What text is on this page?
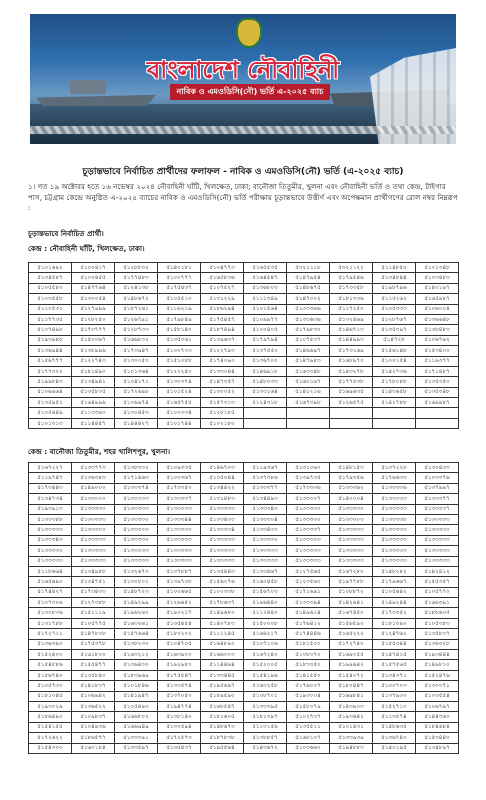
বাংলাদেশ নৌবাহিনী
নাবিক ও এমওডিসি(নৌ) ভর্তি এ-২০২৫ ব্যাচ
চূড়ান্তভাবে নির্বাচিত প্রার্থীদের ফলাফল - নাবিক ও এমওডিসি(নৌ) ভর্তি (এ-২০২৫ ব্যাচ)
১। গত ১৯ অক্টোবর হতে ১৬ নভেম্বর ২০২৪ নৌবাহিনী ঘাঁটি, খিলক্ষেত, ঢাকা; বানৌজা তিতুমীর, খুলনা এবং নৌবাহিনী ভর্তি ও তথ্য কেন্দ্র, টাইগার পাস, চট্টগ্রাম কেন্দ্রে অনুষ্ঠিত এ-২০২৫ ব্যাচের নাবিক ও এমওডিসি(নৌ) ভর্তি পরীক্ষায় চূড়ান্তভাবে উত্তীর্ণ এবং অপেক্ষমান প্রার্থীগণের রোল নম্বর নিম্নরূপ :
চূড়ান্তভাবে নির্বাচিত প্রার্থী।
কেন্দ্র : নৌবাহিনী ঘাঁটি, খিলক্ষেত, ঢাকা।
৫১০১৬৯২	৫১০০৪১৭	৫১২৮৮৩২	৫১৪০১৮১	৫১০৪৭৭৩	৫১৬৫৫৩৫	৫৩২১১১৮	৫৩২১১২২	৫১১৪৮৫০	৫১০১৩৪৮
৫১৩৪৫৮৭	৫১০০৪৫৫	৫১৭৭৪৮৩	৫১০০৭৭৭	৫১৬৫৮৩৬	৫১৬৪৫৪৭	৫১৪৭৯৫৪	৫১৭৯৫৪৬	৫১৩৪৮৪৪	৫১০৩৪৮৩
৫১০৫৫৮০	৫১৪৭৭৬৪	৫১২৪১৩৮	৫১৭৫৪৩৭	৫১০৭৫২৭	৫১৩৬৮০৩	৫১৪৮৬৭৫	৫১৭৩৩৫৮	৫১৯৮৭৯৬	৫১৪০১৯৭
৫১০৩৫৫৮	৫১৩০০৫৪	৫১৪৮৬৭২	৫১০৫৫১০	৫১৩১২২৯	৫১১১৩৪৯	৫১৪৭০০২	৫১৮১৩৩৬	৫১১৫২৬২	৫১৬৫৯৮৭
৫১১০৫৩১	৫১২৭৯৯৯	৫১৮৭২৬১	৫১১৬২১৯	৫১৮৬২৯৪	৫১০১৫৬৪	৫১৩৩৩৬৬	৫১১৭২৫০	৫১০৫৩৩৩	৫১০৬০০৪
৫১১৭৭৩৫	৫১২৮২৫০	৫১২৬৭৯১	৫১৭৯৮৪৯	৫১৭৫৪৫৭	৫১০৯৯৭৭	৫১৩৩৬৩৬	৫১৩২৪৬৯	৫১২৮৭৬৭	৫১৩৬৬৪৮
৫১০৭৪৯৮	৫১৭৩৭৭৭	৫১২৮৭৩৩	৫১৫৮১৪০	৫১৮৭৪৯৪	৫১০০৪০৫	৫১৭৯৮৩০	৫১৪৬৭১৩	৫১৩৫৩৯৭	৫১৩৮৪৮৩
৫১৯৩৯৮৮	৫১৫০০৬৭	৫১৬৬৮৩২	৫১৩৫০৬১	৫১৩৯৬৩৭	৫১৭৯৭৯৪	৫১০৭৫৩৭	৫১৪৪৯৯৩	৫১৪৭২৮	৫১০৬৭৬২
৫১৩৬৯৪৪	৫১৩৮৯৯৬	৫১৭৩৯৪৭	৫১০০৭০৩	৫১২২৭৯৩	৫১৩৭৫৫০	৫১৪৬৬৯৭	৫১৭৩১৬৯	৫১৫৬১৪৮	৫১৫৩৪০০
৫১৫৬৭৭৭	৫১২২৭৪৩	৫১৩০০৫০	৫১৫১০৮৮	৫১৭৪০৯০	৫১৩৬৭০০	৫১৪৭৯৮৩	৫১৬৮৯৭০	৫১০০১৫৪	৫১১৯৩৭৭
৫১৭৭৩২০	৫১৮১৪৯০	৫১০১৩৬৪	৫১২২২৫০	৫১৩৩০৪৪	৫১৪৬৯১৮	৫১৬৩৩৪৮	৫১৪৩২৭৮	৫১৪২৭৩৬	৫১৭১৪৮৭
৫১৯৯৮৪৩	৫১৩৪৯৪১	৫১০৪১৭১	৫১৩০৩৭৪	৫১৪৭৩৫৭	৫১৪৮০৩৩	৫১৬০১৬৭	৫১৭৭৫৩৮	৫১৭৮০৮৮	৫১৩৫৩৫০
৫১০৬৯৬৪	৫১৩৫৮৩৫	৫১৭২৬৯৮	৫১০১৫২৪	৫১৩০০৫২	৫১৩৩১৬৪	৫১৪১২১৬	৫১৬৯৬৩৫	৫১৪৩৬৫৮	৫১৩৫৩৪৮
৫১৩৫৯৫১	৫১৬৪৯৯৬	৫১০৬৯৭৪	৫১৬৫৭৫৫	৫১৫৭৩১৩	৫১২৪৩১৮	৫১৬৭৩৯৮	৫১২৬৫৭৫	৫১৪১৭৮৮	৫১৬৯৯৮৭
৫১০৫৬৪৯	৫১১৩৩৬০	৫১৩০৪৫৩	৫১০০০৩৪	৫১২৮১৮৫					
৫১০১৩১৩	৫১১৪৪৫৭	৫১৪৪৪২৭	৫১০১৭৪৪	৫১০২১৮০					
কেন্দ্র : বানৌজা তিতুমীর, শহর খালিশপুর, খুলনা।
৫১৬৭২২৭	৫১৩৩৭৭৩	৫১৩৮৩৩২	৫১০৯৩৩৫	৫১৪৬৭০৩	৫১১৯৩৬৭	৫১৩১০৬০	৫১৪৮১৫৩	৫১৩৭২২৮	৫১৩০৪৩৩
৫১১৯৭৪৭	৫১৩৬৩৮৩	৫১৭১৪৬৩	৫১০০৩৬৭	৫১০৫৩৪৪	৫১৩৭৩৮৬	৫১৩৯৭৩৫	৫১৭৯৩৫৬	৫১৭৬৬৩৩	৫১০৩৩৭৬
৫১৭৩৪৪৩	৫১৪৯০০০	৫১৩৩৩৭৪	৫১৭৩৩৫০	৫১৩৪৪২২	৫১৩৩৩৭৭	৫১৭৩৩৩৬	৫১৩৩৩৬২	৫১৩৩৩৩৬	৫১৩৭৯৯৭
৫১৩৪৭৩৪	৫১৩৩০০০	৫১৩০০৩৩	৫১৩৩৩৩৭	৫১৩১৪৮৩	৫১৩৪৪৯৩	৫১৩৩০০৭	৫১৪০০০৪	৫১৩৩০৩৩	৫১৩৩৩৭৭
৫১৯৩৯১৩	৫১৩৩৩৩০	৫১৩৩৩৩৩	৫১৩৩০৩৩	৫১৩৩৩৩৩	৫১৩৩৩৪৩	৫১৩৩৩৩০	৫১৩৩৩৩০	৫১৩৩৩৩৩	৫১৩৩৩৩৭
৫১৩৩৩৮৮	৫১৩৩৩৩৩	৫১৩৩৩৩০	৫১৩৩৩৪৪	৫১৩৩৪৩৩	৫১৩৩৩০৪	৫১৩৩৩৩০	৫১৩৩৩০৩	৫১৩৩৩৩৮	৫১৩৩৩৩৩
৫১৩৩৩৩৩	৫১৩৩৩০০	৫১৩৩৩০৩	৫১৩৩৩৩০	৫১৩৩৩৩৪	৫১৩৩৪৩০	৫১৩৩৩৩৭	৫১৩৩৩৩৩	৫১৩৩৩৩৩	৫১৩৩৩৩০
৫১৩৩৩৪৩	৫১৩৩৩৩৩	৫১৩৩৩৩০	৫১৩৩৩৩৩	৫১৩৩৩৩৩	৫১৩৩৩৩০	৫১৩৩৩০৩	৫১৩৩৩৩৩	৫১৩৩৩৩৩	৫১৩৩৩৩৩
৫১৩৩৩৩০	৫১৩৩৩৩৩	৫১৩৩০৩৩	৫১৩৩৩৩৩	৫১৩৩৩৩৩	৫১৩৩৩৩৩	৫১৩৩৩৩৩	৫১৩৩৩৩৩	৫১৩৩৩৩৩	৫১৩৩৩৩৩
৫১৩৩৩৩৩	৫১৩৩৩৩৩	৫১৩৩৩৩৩	৫১৩৩৩৩৩	৫১৩৩৩৩৩	৫১৩৩৩৩৩	৫১৩৩৩৩৩	৫১৩৩৩৩৩	৫১৩৩৩৩৩	৫১৩৩৩৩৩
৫১১৮৬৬৪	৫১৩৪৯৮৮	৫১৩২৬৭০	৫১৩৭৮৮৭	৫১৩৫৪৪৩	৫১৩৩৪৬৭	৫১২৭৫৬৫	৫১৬৭২৮০	৫১৪৮২৮২	৫১৪২৪১২
৫১৬৫৬৯০	৫১৩৪৭৫১	৫১৩০৮০১	৫১৩৯৭০৮	৫১৫৬২৭৬	৫১৬০৪৫৮	৫১২৩৫৬০	৫১৯৭৭৮৮	৫১৭৯৬৬৭	৫১৫৫৩৫৭
৫১৭৪৪২৭	৫১৭৩৪৩৩	৫১৪৮৭২৩	৫১০০৬৬৫	৫১০০৩৩৮	৫১৫৬৭০৩	৫১৭১৬৯১	৫১০৮৮৭২	৫১০৫৬৪২	৫১০৫৭৭০
৫১০৭৩০৬	৫১২৭৩৮৮	৫১৪৯২৯৯	৫১২৬৬৫২	৫১৭৮৬৩৭	৫১৯৬৪৪০	৫১৩৩৩৯৪	৫১৪২৬৪১	৫১৪৯২৪৪	৫১৬৬৩৯১
৫১৩০৮৩৬	৫১৫১১১৯	৫১৯৬২৬০	৫১৯০২১৭	৫১৪৯৬৮০	৫১১২৪৪০	৫১৪৯৬১৪	৫১৬৭৪৫০	৫১৭৩৩৫২	৫১৮৮৬০৫
৫১৩১৭৮৮	৫১০৫৭৭৫	৫১৬৩২৬১	৫১৩৫৪৫৪	৫১৪০৭৮৩	৫১৫০৩০৮	৫১৭৬৪১২	৫১৫৬৫৯০	৫১৮১৩৯০	৫১০৫৩৮৩
৫১৭২৭১১	৫১৪৭৮০৮	৫১৫৭৬৬৪	৫১৮০২০২	৫১১১২৪৫	৫১৬৬২১৭	৫১৭৪৪৪৬	৫১৬৫২২২	৫১২৪৭৬২	৫১৩৫৮০৭
৫১৩৬৩৯০	৫১৭৫৩৭৮	৫১৩৮২৩০	৫১০৪৭০৫	৫১৬৪৮৯০	৫১০৭১০৬	৫১৮১৫০০	৫১৭২৭৪০	৫১৮৫৩৪৪	৫১৩৬৩২৮
৫১৫২৪০০	৫১৬১৮০০	৫১৬৩২১২	৫১৬৩৯০০	৫১৬৬০০৩	৫১৬৭২৪০	৫১০৮০৭০	৫১৬৯০৫৫	৫১৪৭৪১৫	৫১৯৩৪৪৪
৫১৫৪৮৮৬	৫১৫৫৪৭৭	৫১৩৬৪৩০	৫১৯২৯৮০	৫১১৪৪৬৪	৫১৫২০০৫	৫১৮৩৩৫০	৫১৯৯৬৪২	৫১৫৭৫৬৫	৫১৪৯৮১০
৫১৮৬৭৪০	৫১৩৫৮৪০	৫১৮৩৯৬৯	৫১৭৫৫৪৭	৫১৩৩৪৪৫	৫১৫৪১৯৬	৫১৪১৫৫০	৫১৫৪০৭২	৫১৩৪৩৭১	৫১৫২৪৭৬
৫১০৫৭৩০	৫১৪১৮৩৭	৫১০১৮৪৬	৫১৩৩৫৭৪	৫১৯৫৬৯৭	৫১৬৩২৫৮	৫১৭৬০০৭	৫১৮০৪৪৭	৫১০০৭০৩	৫১৩০০৭১
৫১৮১০৪৫	৫১০৬৯৪২	৫১৪১৯৪৭	৫১৩৭০৫০	৫১৮৯৫৯০	৫১০৮৭০১	৫১৯৩০০৪	৫১৬৯৮৪১	৫১৩৭৯৩০	৫১০৩৫৫৪
৫১৯৩০২৯	৫১৩৬৫২২	৫১০৫৪৯৩	৫১৯৪৭৭৪	৫১৬৮৫৪৭	৫১৩৩৩৯৫	৫১৫৮০৭৯	৫১৪৩৯০৩	৫১৫২৭১০	৫১০৬৭৯৭
৫১৮৬৪৯০	৫১০৯৮৩৭	৫১৬৬৮০২	৫১৩৮১৪০	৫১৮১৬০৫	৫১৮১৩৯৭	৫১০২৭৩৭	৫১৯৩৬৪২	৫১১৩৫৭৪	৫১৪৪৩৬০
৫১৫৪১৫৫	৫১০৪৯৩৬	৫১৬৬৯৪৯	৫১৩০৫৯৪	৫১৪৮৬৭৩	৫১১৩১৫৬	৫১৩৫৫১১	৫১০১৪৩১	৫১৪৮৬৩৫	৫১৮৪৬৮৪
৫১৭২৬২২	৫১৮৬৫৭৭	৫১৩৩৩৯১	৫১৭২৫৭৩	৫১৮৭৮৩৮	৫১৩৮৮৫৭	৫১৬৮১০৭	৫১৩৩৯৩৯	৫১৩৬৭৪০	৫১৫৩৪৪০
৫১৫৪৩০০	৫১৬০১৮৪	৫১৩৩৫৯৭	৫১৩৫৪৩৭	৫১৯৫৫৬৪	৫১৪৩৬৭২	৫১০৩৬৬০	৫১৯৪৮৮৩	৫১৪০১৯৫	৫১৩৪৮৯৭
